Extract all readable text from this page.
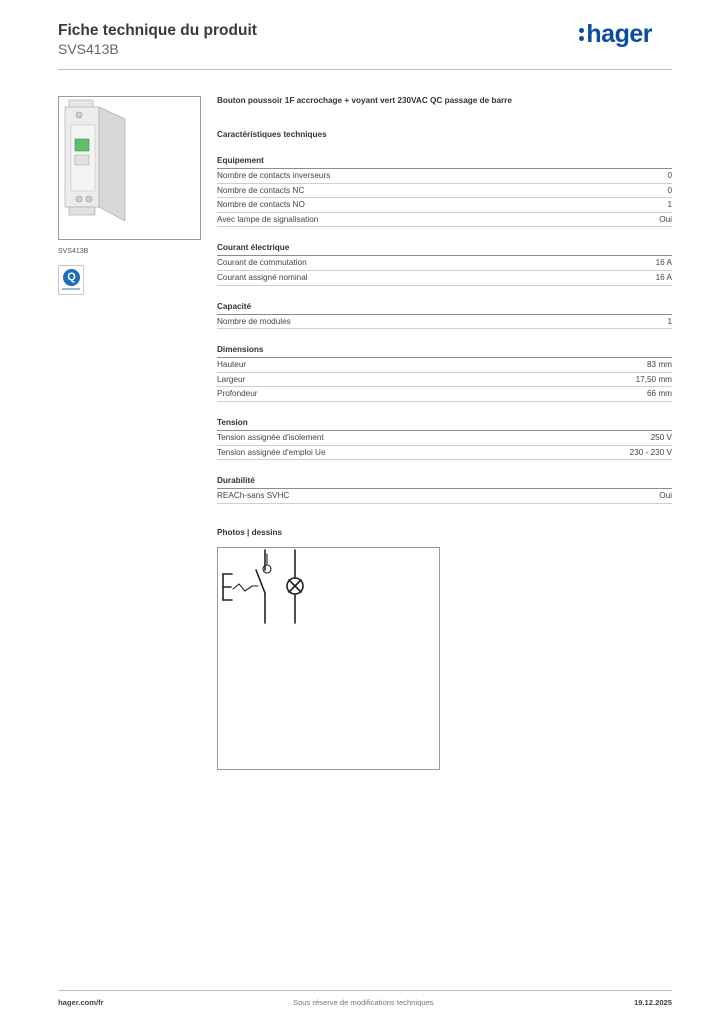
Fiche technique du produit
SVS413B
hager
SVS413B
Q
Bouton poussoir 1F accrochage + voyant vert 230VAC QC passage de barre
Caractéristiques techniques
Equipement
Nombre de contacts inverseurs	0
Nombre de contacts NC	0
Nombre de contacts NO	1
Avec lampe de signalisation	Oui
Courant électrique
Courant de commutation	16 A
Courant assigné nominal	16 A
Capacité
Nombre de modules	1
Dimensions
Hauteur	83 mm
Largeur	17,50 mm
Profondeur	66 mm
Tension
Tension assignée d'isolement	250 V
Tension assignée d'emploi Ue	230 - 230 V
Durabilité
REACh-sans SVHC	Oui
Photos | dessins
hager.com/fr	Sous réserve de modifications techniques	19.12.2025
